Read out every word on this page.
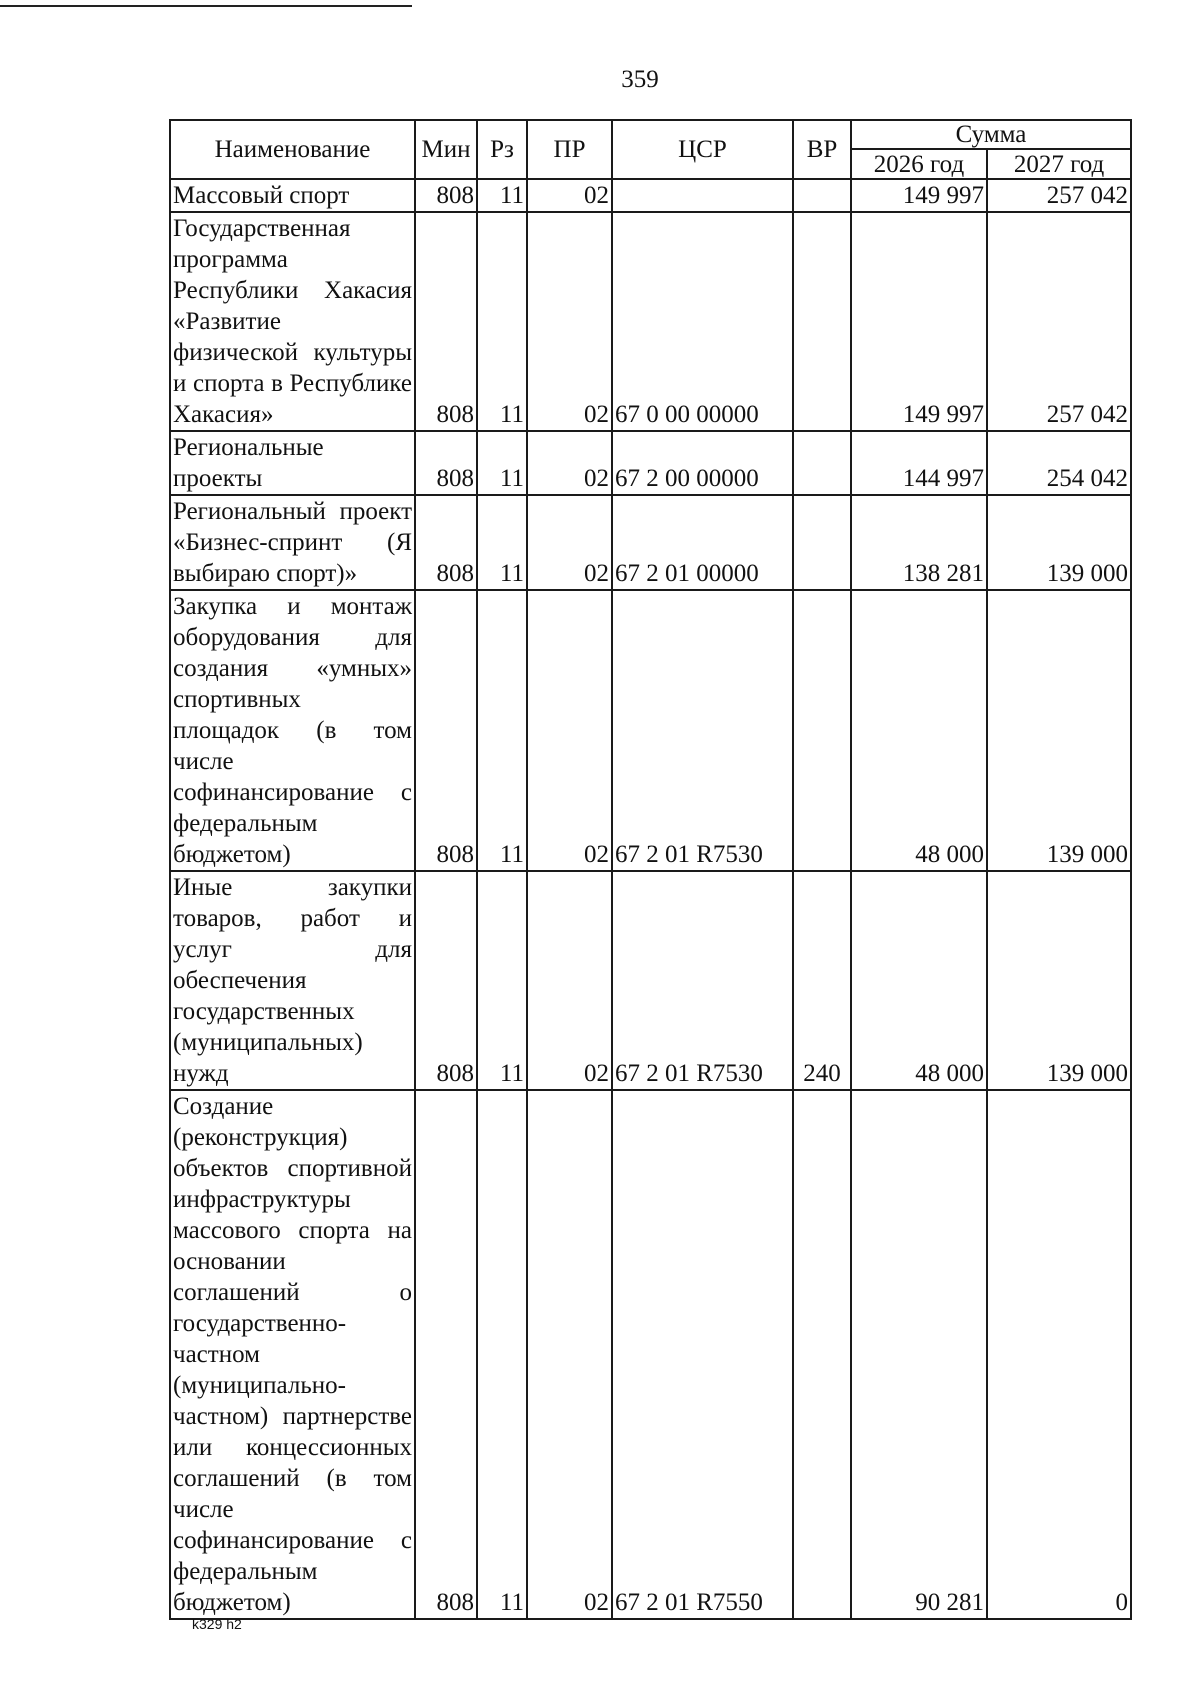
359
Наименование	Мин	Рз	ПР	ЦСР	ВР	Сумма	
						2026 год	2027 год
Массовый спорт	808	11	02			149 997	257 042
Государственная программа Республики Хакасия «Развитие физической культуры и спорта в Республике Хакасия»	808	11	02	67 0 00 00000		149 997	257 042
Региональные проекты	808	11	02	67 2 00 00000		144 997	254 042
Региональный проект «Бизнес-спринт (Я выбираю спорт)»	808	11	02	67 2 01 00000		138 281	139 000
Закупка и монтаж оборудования для создания «умных» спортивных площадок (в том числе софинансирование с федеральным бюджетом)	808	11	02	67 2 01 R7530		48 000	139 000
Иные закупки товаров, работ и услуг для обеспечения государственных (муниципальных) нужд	808	11	02	67 2 01 R7530	240	48 000	139 000
Создание (реконструкция) объектов спортивной инфраструктуры массового спорта на основании соглашений о государственно-частном (муниципально-частном) партнерстве или концессионных соглашений (в том числе софинансирование с федеральным бюджетом)	808	11	02	67 2 01 R7550		90 281	0
k329 h2
